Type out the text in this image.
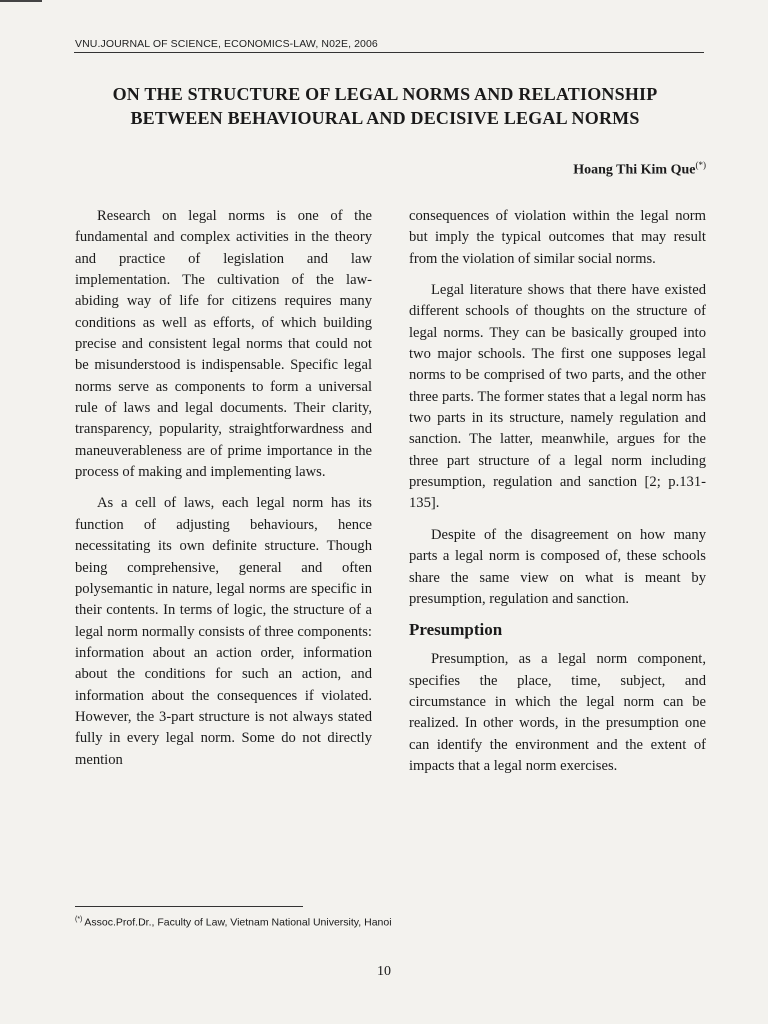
VNU.JOURNAL OF SCIENCE, ECONOMICS-LAW, N02E, 2006
ON THE STRUCTURE OF LEGAL NORMS AND RELATIONSHIP
BETWEEN BEHAVIOURAL AND DECISIVE LEGAL NORMS
Hoang Thi Kim Que(*)

Research on legal norms is one of the fundamental and complex activities in the theory and practice of legislation and law implementation. The cultivation of the law-abiding way of life for citizens requires many conditions as well as efforts, of which building precise and consistent legal norms that could not be misunderstood is indispensable. Specific legal norms serve as components to form a universal rule of laws and legal documents. Their clarity, transparency, popularity, straightforwardness and maneuverableness are of prime importance in the process of making and implementing laws.

As a cell of laws, each legal norm has its function of adjusting behaviours, hence necessitating its own definite structure. Though being comprehensive, general and often polysemantic in nature, legal norms are specific in their contents. In terms of logic, the structure of a legal norm normally consists of three components: information about an action order, information about the conditions for such an action, and information about the consequences if violated. However, the 3-part structure is not always stated fully in every legal norm. Some do not directly mention

consequences of violation within the legal norm but imply the typical outcomes that may result from the violation of similar social norms.

Legal literature shows that there have existed different schools of thoughts on the structure of legal norms. They can be basically grouped into two major schools. The first one supposes legal norms to be comprised of two parts, and the other three parts. The former states that a legal norm has two parts in its structure, namely regulation and sanction. The latter, meanwhile, argues for the three part structure of a legal norm including presumption, regulation and sanction [2; p.131-135].

Despite of the disagreement on how many parts a legal norm is composed of, these schools share the same view on what is meant by presumption, regulation and sanction.

Presumption

Presumption, as a legal norm component, specifies the place, time, subject, and circumstance in which the legal norm can be realized. In other words, in the presumption one can identify the environment and the extent of impacts that a legal norm exercises.

(*) Assoc.Prof.Dr., Faculty of Law, Vietnam National University, Hanoi
10
